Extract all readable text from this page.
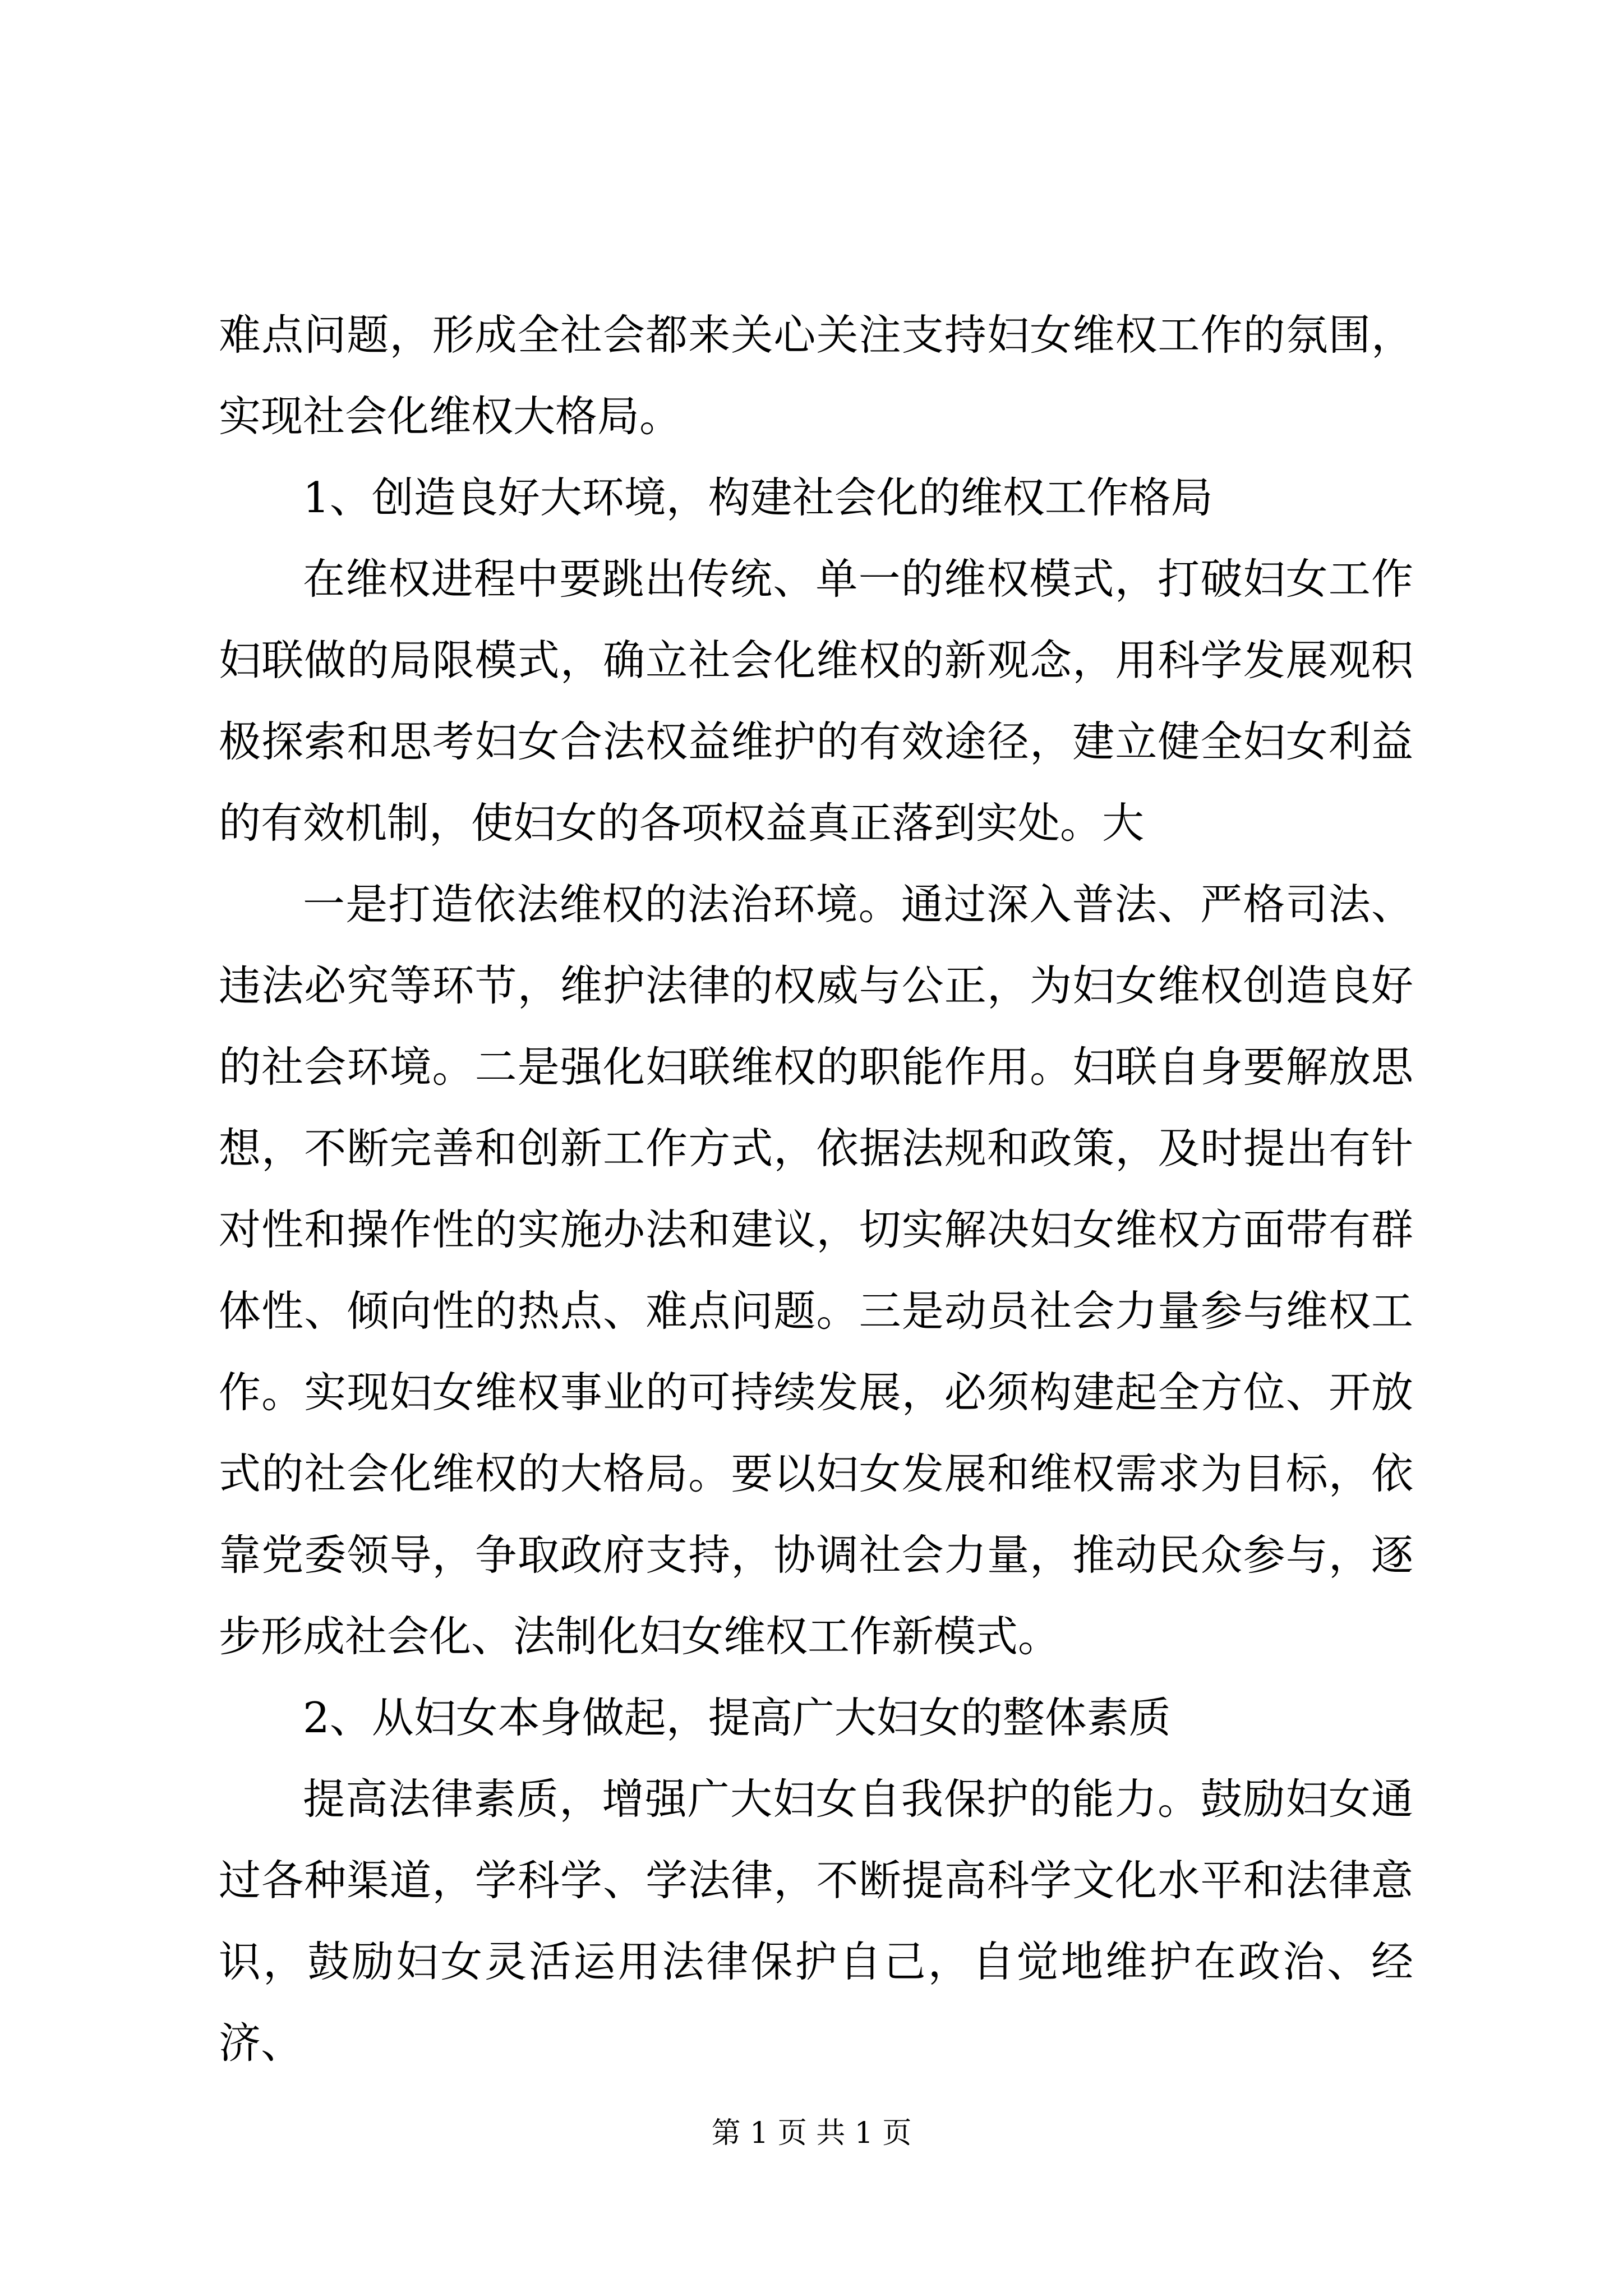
难点问题，形成全社会都来关心关注支持妇女维权工作的氛围，实现社会化维权大格局。

1、创造良好大环境，构建社会化的维权工作格局

在维权进程中要跳出传统、单一的维权模式，打破妇女工作妇联做的局限模式，确立社会化维权的新观念，用科学发展观积极探索和思考妇女合法权益维护的有效途径，建立健全妇女利益的有效机制，使妇女的各项权益真正落到实处。大

一是打造依法维权的法治环境。通过深入普法、严格司法、违法必究等环节，维护法律的权威与公正，为妇女维权创造良好的社会环境。二是强化妇联维权的职能作用。妇联自身要解放思想，不断完善和创新工作方式，依据法规和政策，及时提出有针对性和操作性的实施办法和建议，切实解决妇女维权方面带有群体性、倾向性的热点、难点问题。三是动员社会力量参与维权工作。实现妇女维权事业的可持续发展，必须构建起全方位、开放式的社会化维权的大格局。要以妇女发展和维权需求为目标，依靠党委领导，争取政府支持，协调社会力量，推动民众参与，逐步形成社会化、法制化妇女维权工作新模式。

2、从妇女本身做起，提高广大妇女的整体素质

提高法律素质，增强广大妇女自我保护的能力。鼓励妇女通过各种渠道，学科学、学法律，不断提高科学文化水平和法律意识，鼓励妇女灵活运用法律保护自己，自觉地维护在政治、经济、

第 1 页 共 1 页
